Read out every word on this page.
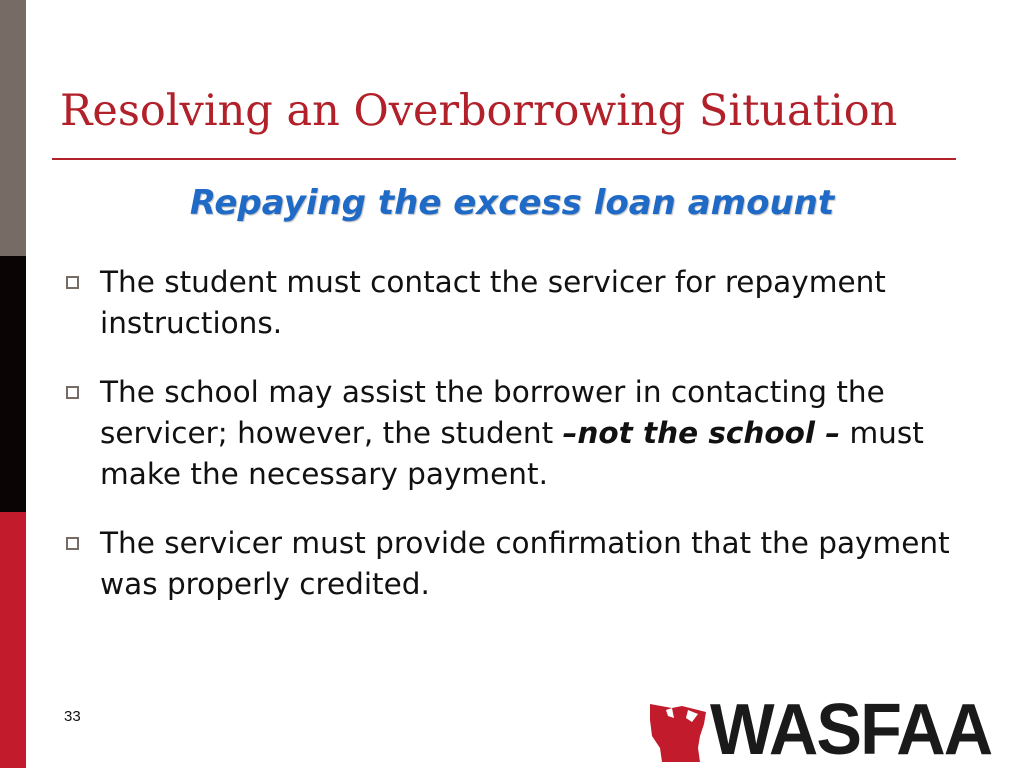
Resolving an Overborrowing Situation
Repaying the excess loan amount
The student must contact the servicer for repayment instructions.
The school may assist the borrower in contacting the servicer; however, the student –not the school – must make the necessary payment.
The servicer must provide confirmation that the payment was properly credited.
33	WASFAA
